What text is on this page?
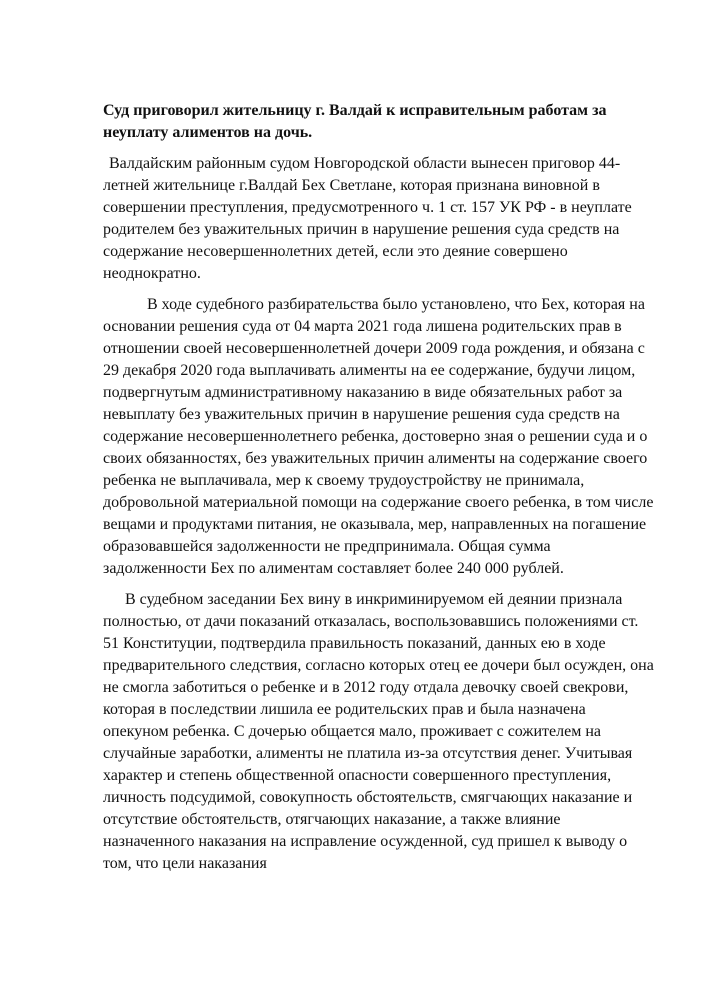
Суд приговорил жительницу г. Валдай к исправительным работам за неуплату алиментов на дочь.

Валдайским районным судом Новгородской области вынесен приговор 44-летней жительнице г.Валдай Бех Светлане, которая признана виновной в совершении преступления, предусмотренного ч. 1 ст. 157 УК РФ - в неуплате родителем без уважительных причин в нарушение решения суда средств на содержание несовершеннолетних детей, если это деяние совершено неоднократно.

В ходе судебного разбирательства было установлено, что Бех, которая на основании решения суда от 04 марта 2021 года лишена родительских прав в отношении своей несовершеннолетней дочери 2009 года рождения, и обязана с 29 декабря 2020 года выплачивать алименты на ее содержание, будучи лицом, подвергнутым административному наказанию в виде обязательных работ за невыплату без уважительных причин в нарушение решения суда средств на содержание несовершеннолетнего ребенка, достоверно зная о решении суда и о своих обязанностях, без уважительных причин алименты на содержание своего ребенка не выплачивала, мер к своему трудоустройству не принимала, добровольной материальной помощи на содержание своего ребенка, в том числе вещами и продуктами питания, не оказывала, мер, направленных на погашение образовавшейся задолженности не предпринимала. Общая сумма задолженности Бех по алиментам составляет более 240 000 рублей.

В судебном заседании Бех вину в инкриминируемом ей деянии признала полностью, от дачи показаний отказалась, воспользовавшись положениями ст. 51 Конституции, подтвердила правильность показаний, данных ею в ходе предварительного следствия, согласно которых отец ее дочери был осужден, она не смогла заботиться о ребенке и в 2012 году отдала девочку своей свекрови, которая в последствии лишила ее родительских прав и была назначена опекуном ребенка. С дочерью общается мало, проживает с сожителем на случайные заработки, алименты не платила из-за отсутствия денег. Учитывая характер и степень общественной опасности совершенного преступления, личность подсудимой, совокупность обстоятельств, смягчающих наказание и отсутствие обстоятельств, отягчающих наказание, а также влияние назначенного наказания на исправление осужденной, суд пришел к выводу о том, что цели наказания
